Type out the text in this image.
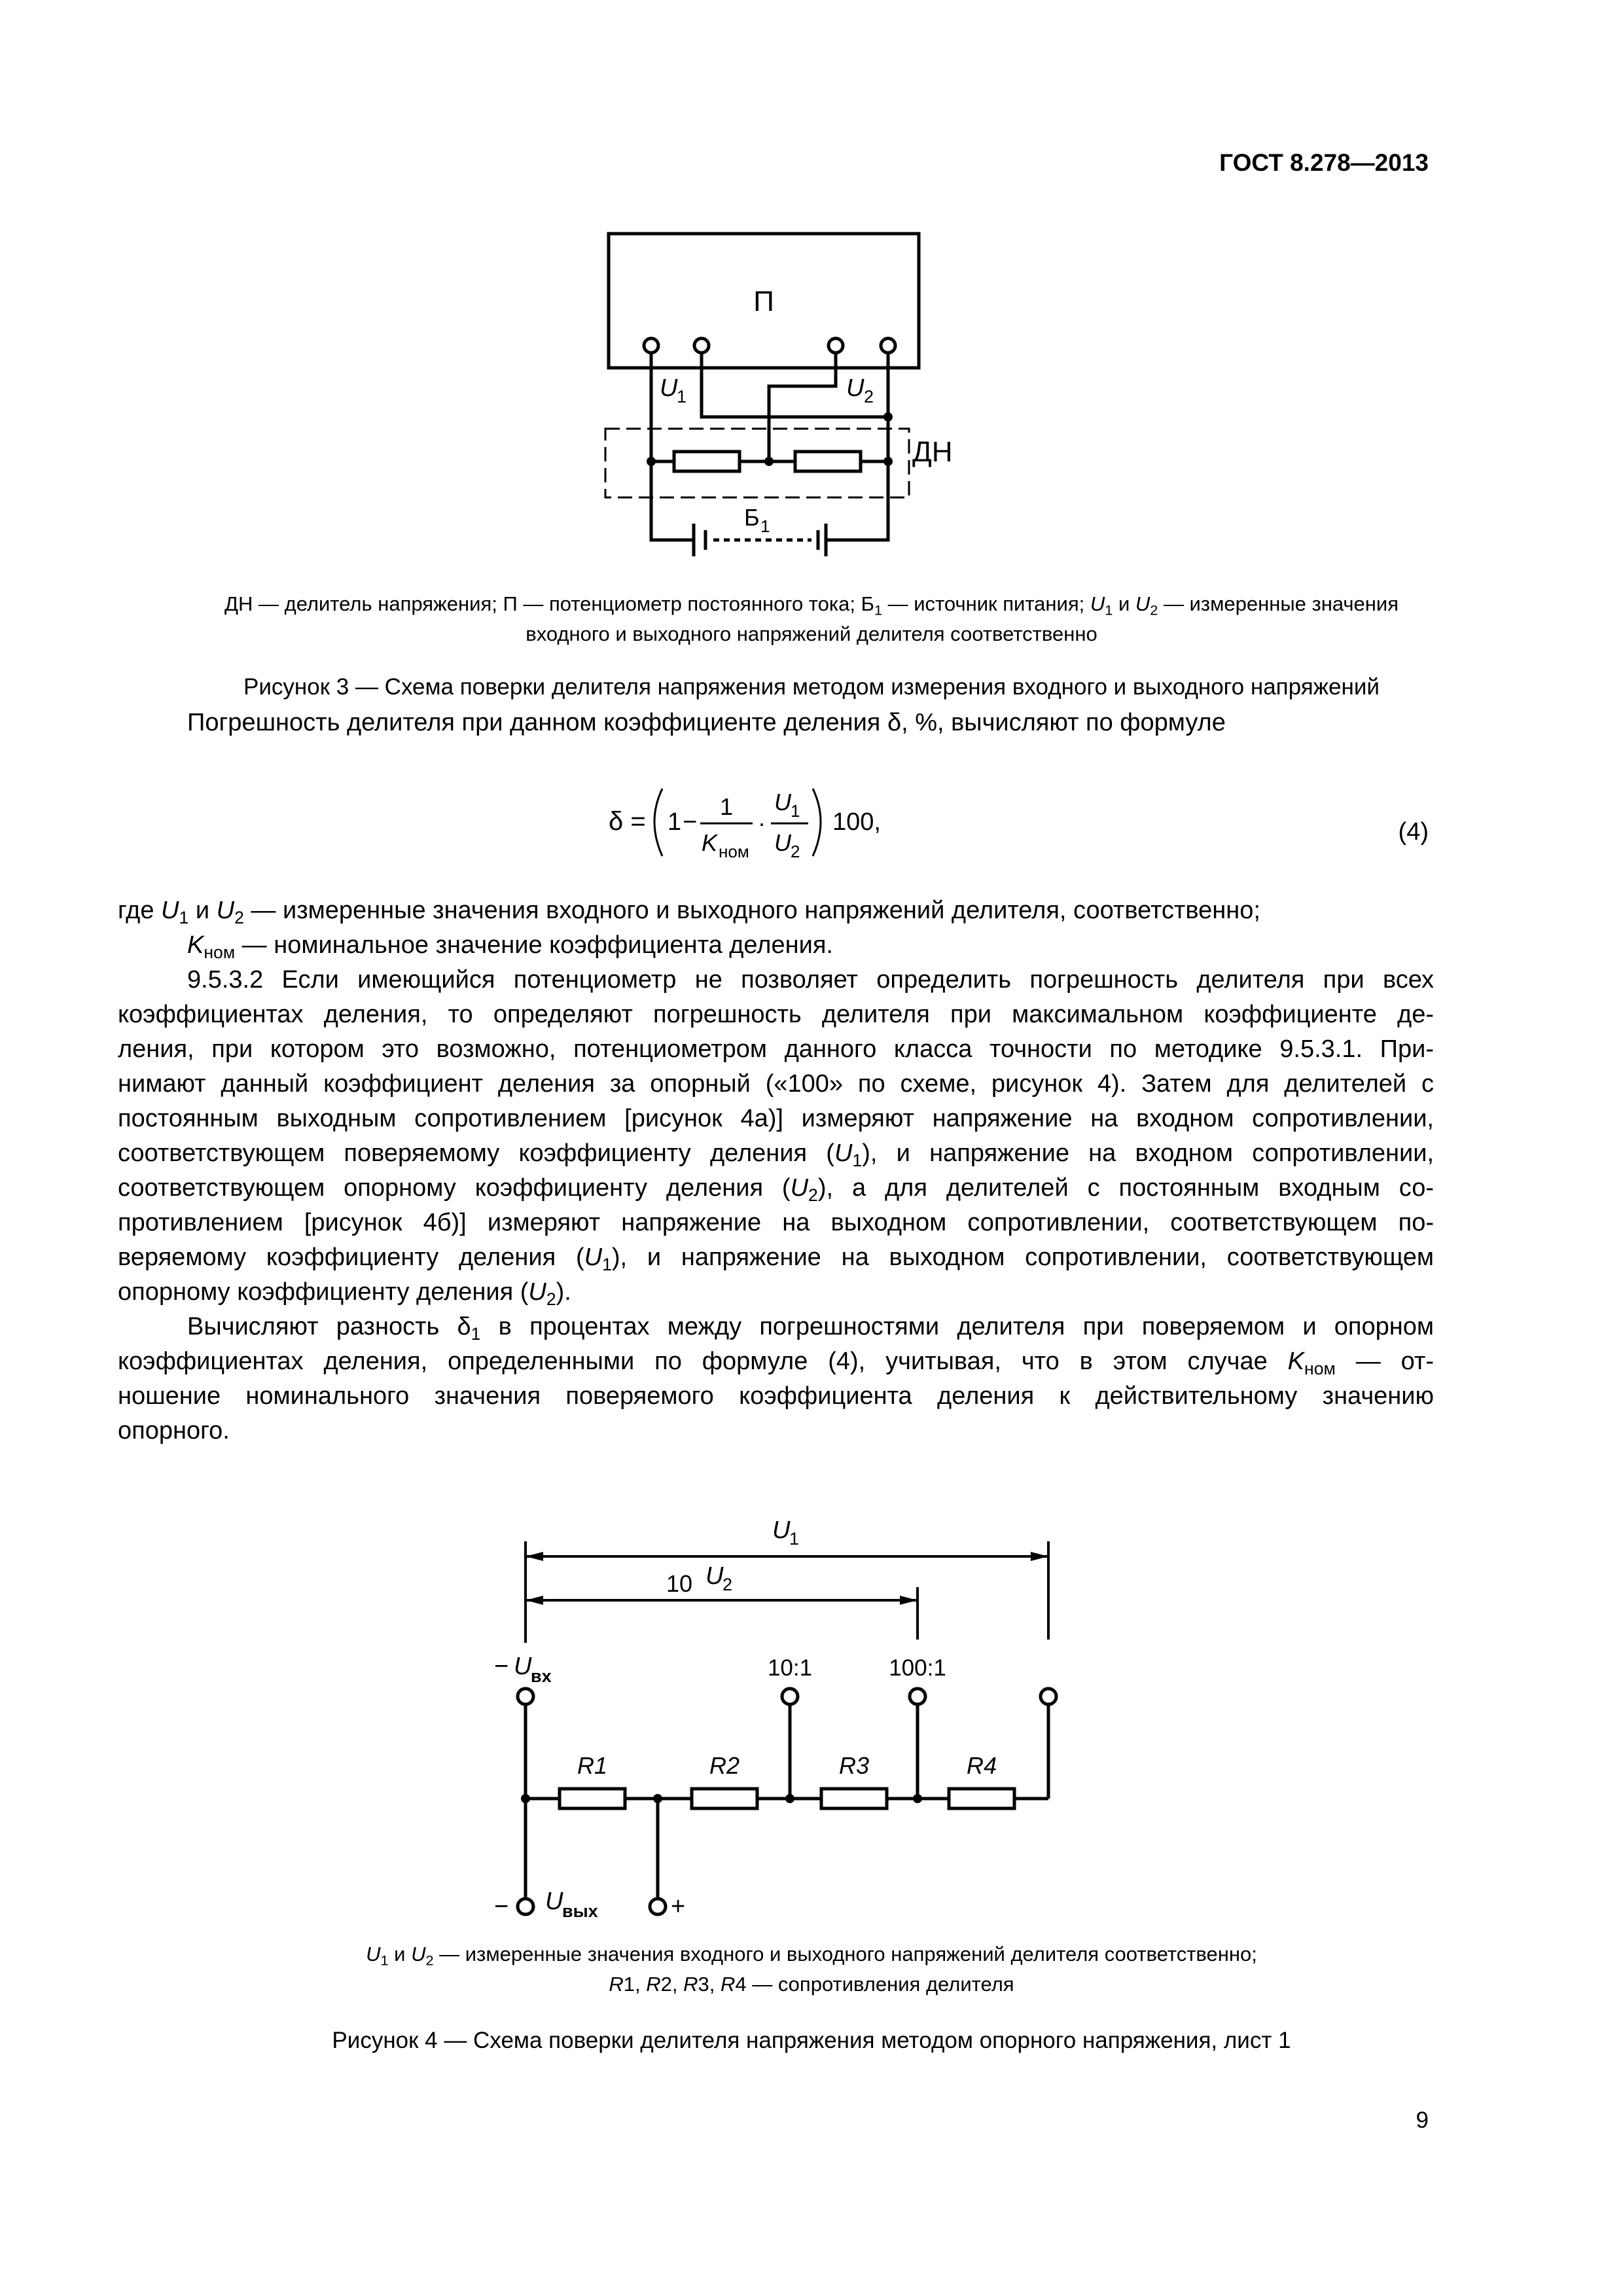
ГОСТ 8.278—2013
П
U
1	U 2
ДН
Б 1
ДН — делитель напряжения; П — потенциометр постоянного тока; $Б_1$ — источник питания; $U_1$ и $U_2$ — измеренные значения
входного и выходного напряжений делителя соответственно
Рисунок 3 — Схема поверки делителя напряжения методом измерения входного и выходного напряжений
Погрешность делителя при данном коэффициенте деления δ, %, вычисляют по формуле
δ = 1 −
1
K ном
·
U 1
U 2
100,	(4)
где $U_1$ и $U_2$ — измеренные значения входного и выходного напряжений делителя, соответственно;
$K_{ном}$ — номинальное значение коэффициента деления.
9.5.3.2 Если имеющийся потенциометр не позволяет определить погрешность делителя при всех
коэффициентах деления, то определяют погрешность делителя при максимальном коэффициенте де-
ления, при котором это возможно, потенциометром данного класса точности по методике 9.5.3.1. При-
нимают данный коэффициент деления за опорный («100» по схеме, рисунок 4). Затем для делителей с
постоянным выходным сопротивлением [рисунок 4а)] измеряют напряжение на входном сопротивлении,
соответствующем поверяемому коэффициенту деления $(U_1)$, и напряжение на входном сопротивлении,
соответствующем опорному коэффициенту деления $(U_2)$, а для делителей с постоянным входным со-
противлением [рисунок 4б)] измеряют напряжение на выходном сопротивлении, соответствующем по-
веряемому коэффициенту деления $(U_1)$, и напряжение на выходном сопротивлении, соответствующем
опорному коэффициенту деления $(U_2)$.
Вычисляют разность $\delta_1$ в процентах между погрешностями делителя при поверяемом и опорном
коэффициентах деления, определенными по формуле (4), учитывая, что в этом случае $K_{ном}$ — от-
ношение номинального значения поверяемого коэффициента деления к действительному значению
опорного.
U
1
10 U
2
− U
вх	10:1	100:1
R1	R2	R3	R4
− U
вых	+
$U_1$ и $U_2$ — измеренные значения входного и выходного напряжений делителя соответственно;
R1, R2, R3, R4 — сопротивления делителя
Рисунок 4 — Схема поверки делителя напряжения методом опорного напряжения, лист 1
9
